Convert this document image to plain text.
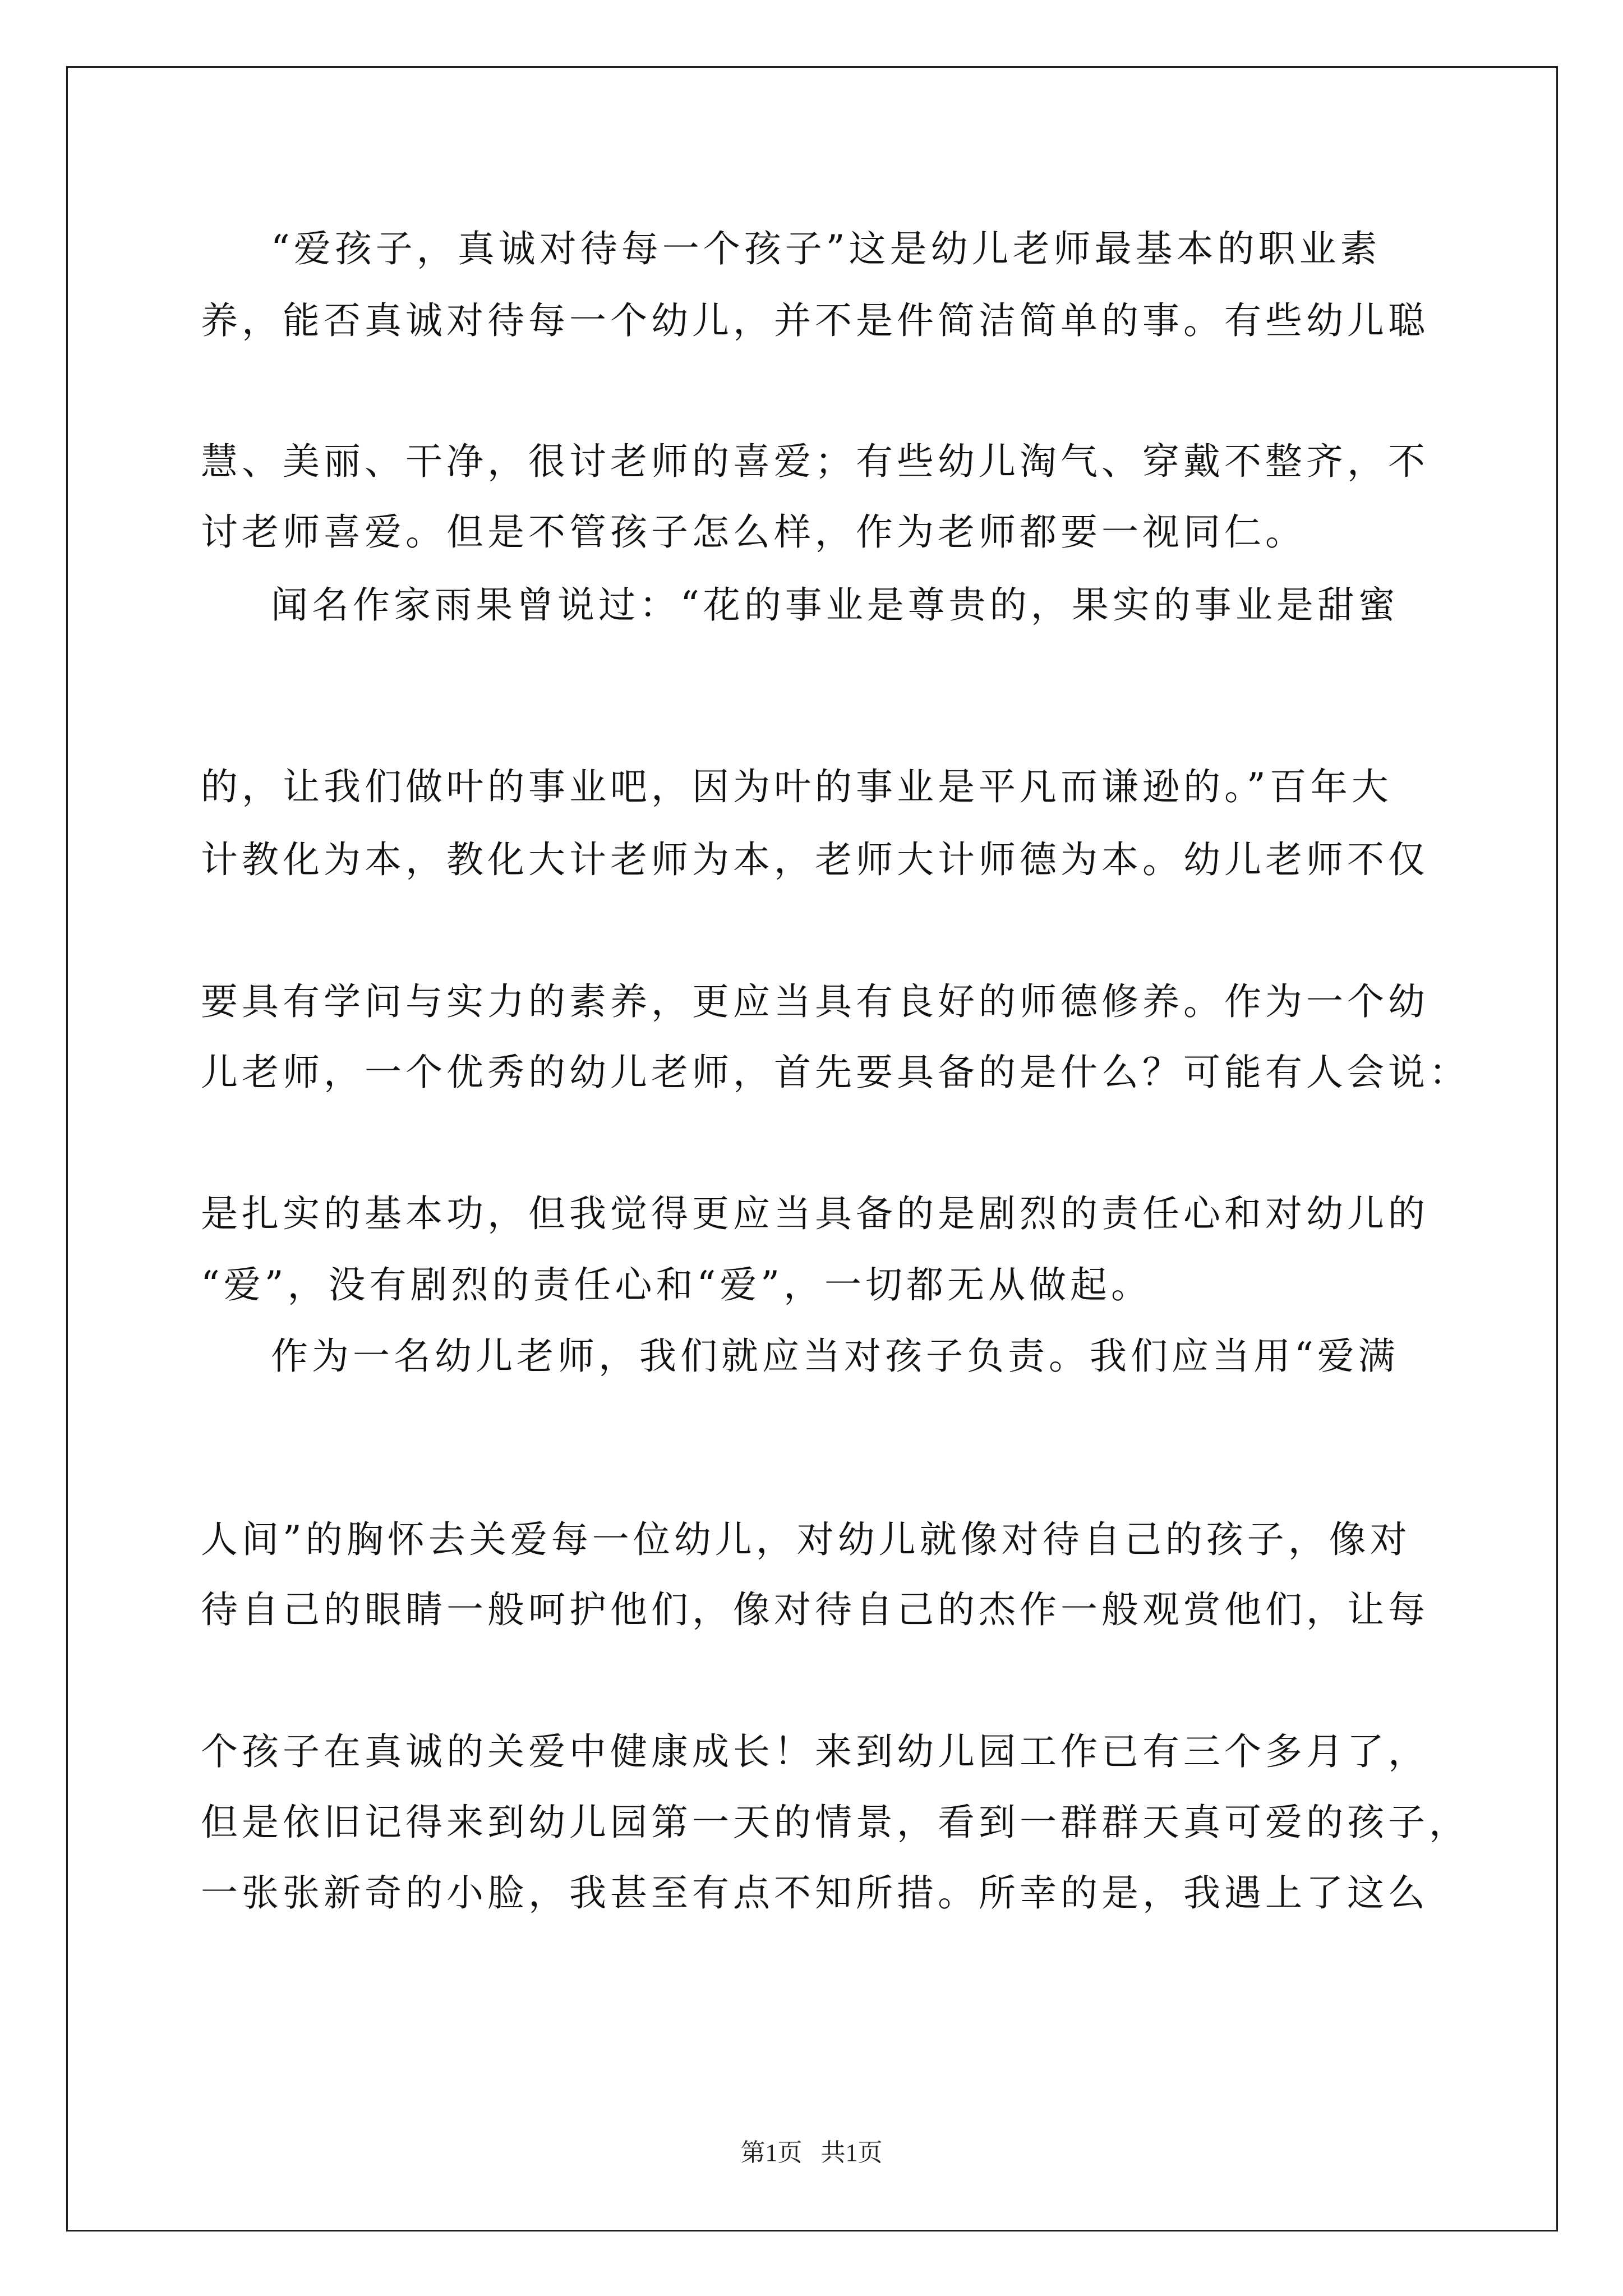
“爱孩子，真诚对待每一个孩子”这是幼儿老师最基本的职业素

养，能否真诚对待每一个幼儿，并不是件简洁简单的事。有些幼儿聪

慧、美丽、干净，很讨老师的喜爱；有些幼儿淘气、穿戴不整齐，不

讨老师喜爱。但是不管孩子怎么样，作为老师都要一视同仁。

闻名作家雨果曾说过：“花的事业是尊贵的，果实的事业是甜蜜

的，让我们做叶的事业吧，因为叶的事业是平凡而谦逊的。”百年大

计教化为本，教化大计老师为本，老师大计师德为本。幼儿老师不仅

要具有学问与实力的素养，更应当具有良好的师德修养。作为一个幼

儿老师，一个优秀的幼儿老师，首先要具备的是什么？可能有人会说：

是扎实的基本功，但我觉得更应当具备的是剧烈的责任心和对幼儿的

“爱”，没有剧烈的责任心和“爱”，一切都无从做起。

作为一名幼儿老师，我们就应当对孩子负责。我们应当用“爱满

人间”的胸怀去关爱每一位幼儿，对幼儿就像对待自己的孩子，像对

待自己的眼睛一般呵护他们，像对待自己的杰作一般观赏他们，让每

个孩子在真诚的关爱中健康成长！来到幼儿园工作已有三个多月了，

但是依旧记得来到幼儿园第一天的情景，看到一群群天真可爱的孩子，

一张张新奇的小脸，我甚至有点不知所措。所幸的是，我遇上了这么

第1页   共1页
